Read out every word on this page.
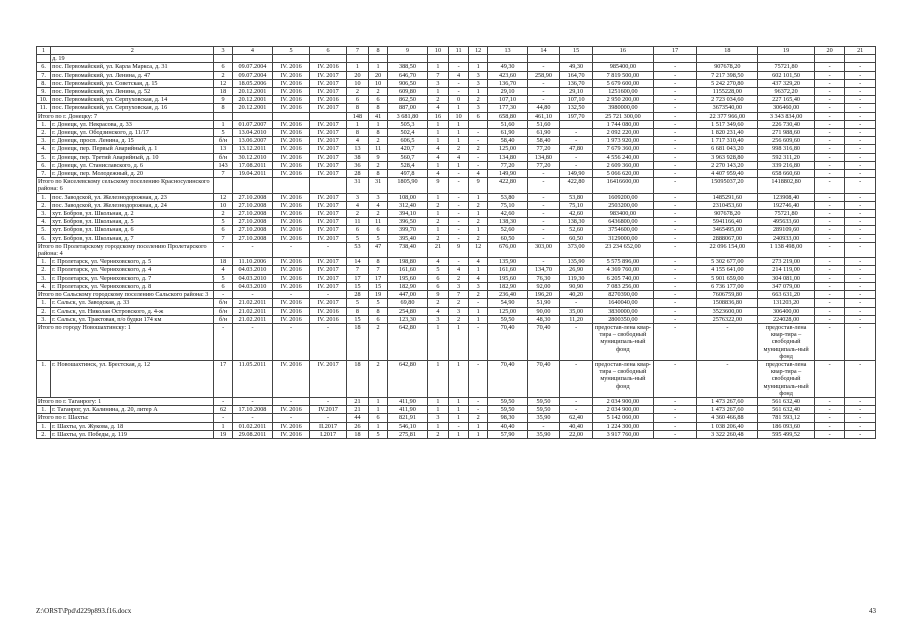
1	2	3	4	5	6	7	8	9	10	11	12	13	14	15	16	17	18	19	20	21
	д. 19																			
6.	пос. Первомайский, ул. Карла Маркса, д. 31	6	09.07.2004	IV. 2016	IV. 2016	1	1	388,50	1	-	1	49,30	-	49,30	985400,00	-	907678,20	75721,80	-	-
7.	пос. Первомайский, ул. Ленина, д. 47	2	09.07.2004	IV. 2016	IV. 2017	20	20	646,70	7	4	3	423,60	258,90	164,70	7 819 500,00	-	7 217 398,50	602 101,50	-	-
8.	пос. Первомайский, ул. Советская, д. 15	12	18.05.2006	IV. 2016	IV. 2017	10	10	906,50	3	-	3	136,70	-	136,70	5 679 600,00	-	5 242 270,80	437 329,20	-	-
9.	пос. Первомайский, ул. Ленина, д. 52	18	20.12.2001	IV. 2016	IV. 2017	2	2	609,80	1	-	1	29,10	-	29,10	1251600,00	-	1155228,00	96372,20	-	-
10.	пос. Первомайский, ул. Серпуховская, д. 14	9	20.12.2001	IV. 2016	IV. 2016	6	6	862,50	2	0	2	107,10	-	107,10	2 950 200,00	-	2 723 034,60	227 165,40	-	-
11.	пос. Первомайский, ул. Серпуховская, д. 16	8	20.12.2001	IV. 2016	IV. 2017	8	8	887,00	4	1	3	177,30	44,80	132,50	3980000,00	-	3673540,00	306460,00	-	-
Итого по г. Донецку: 7						148	41	3 681,80	16	10	6	658,80	461,10	197,70	25 721 300,00	-	22 377 966,00	3 343 834,00	-	-
1.	г. Донецк, ул. Некрасова, д. 33	1	01.07.2007	IV. 2016	IV. 2017	1	1	505,3	1	1		51,60	51,60		1 744 080,00	-	1 517 349,60	226 730,40	-	-
2.	г. Донецк, ул. Ободзинского, д. 11/17	5	13.04.2010	IV. 2016	IV. 2017	8	8	502,4	1	1	-	61,90	61,90	-	2 092 220,00	-	1 820 231,40	271 988,60	-	-
3.	г. Донецк, просп. Ленина, д. 15	б/н	13.06.2007	IV. 2016	IV. 2017	4	2	606,5	1	1	-	58,40	58,40	-	1 973 920,00	-	1 717 310,40	256 609,60	-	-
4.	г. Донецк, пер. Первый Аварийный, д. 1	13	13.12.2011	IV. 2016	IV. 2017	13	11	420,7	4	2	2	125,00	77,20	47,80	7 679 360,00	-	6 681 043,20	998 316,80	-	-
5.	г. Донецк, пер. Третий Аварийный, д. 10	б/н	30.12.2010	IV. 2016	IV. 2017	38	9	560,7	4	4	-	134,80	134,80	-	4 556 240,00	-	3 963 928,80	592 311,20	-	-
6.	г. Донецк, ул. Станиславского, д. 6	143	17.08.2011	IV. 2016	IV. 2017	36	2	528,4	1	1	-	77,20	77,20	-	2 609 360,00	-	2 270 143,20	339 216,80	-	-
7.	г. Донецк, пер. Молодежный, д. 20	7	19.04.2011	IV. 2016	IV. 2017	28	8	497,8	4	-	4	149,90	-	149,90	5 066 620,00	-	4 407 959,40	658 660,60	-	-
Итого по Киселевскому сельскому поселению Красносулинского района: 6						31	31	1805,90	9	-	9	422,80	-	422,80	16416600,00	-	15095037,20	1418802,80	-	-
1.	пос. Заводской, ул. Железнодорожная, д. 23	12	27.10.2008	IV. 2016	IV. 2017	3	3	108,00	1	-	1	53,80	-	53,80	1609200,00	-	1485291,60	123908,40	-	-
2.	пос. Заводской, ул. Железнодорожная, д. 24	10	27.10.2008	IV. 2016	IV. 2017	4	4	312,40	2	-	2	75,10	-	75,10	2503200,00	-	2310453,60	192746,40	-	-
3.	хут. Бобров, ул. Школьная, д. 2	2	27.10.2008	IV. 2016	IV. 2017	2	2	394,10	1	-	1	42,60	-	42,60	983400,00	-	907678,20	75721,80	-	-
4.	хут. Бобров, ул. Школьная, д. 5	5	27.10.2008	IV. 2016	IV. 2017	11	11	396,50	2	-	2	138,30	-	138,30	6436800,00	-	5941166,40	495633,60	-	-
5.	хут. Бобров, ул. Школьная, д. 6	6	27.10.2008	IV. 2016	IV. 2017	6	6	399,70	1	-	1	52,60	-	52,60	3754600,00	-	3465495,00	289109,60	-	-
6.	хут. Бобров, ул. Школьная, д. 7	7	27.10.2008	IV. 2016	IV. 2017	5	5	395,40	2	-	2	60,50	-	60,50	3129000,00	-	2888067,00	240933,00	-	-
Итого по Пролетарскому городскому поселению Пролетарского района: 4		-	-	-	-	53	47	738,40	21	9	12	676,00	303,00	373,00	23 234 652,00	-	22 096 154,00	1 138 498,00	-	-
1.	г. Пролетарск, ул. Черняховского, д. 5	18	11.10.2006	IV. 2016	IV. 2017	14	8	198,80	4	-	4	135,90	-	135,90	5 575 896,00	-	5 302 677,00	273 219,00	-	-
2.	г. Пролетарск, ул. Черняховского, д. 4	4	04.03.2010	IV. 2016	IV. 2017	7	7	161,60	5	4	1	161,60	134,70	26,90	4 369 760,00	-	4 155 641,00	214 119,00	-	-
3.	г. Пролетарск, ул. Черняховского, д. 7	5	04.03.2010	IV. 2016	IV. 2017	17	17	195,60	6	2	4	195,60	76,30	119,30	6 205 740,00	-	5 901 659,00	304 081,00	-	-
4.	г. Пролетарск, ул. Черняховского, д. 8	6	04.03.2010	IV. 2016	IV. 2017	15	15	182,90	6	3	3	182,90	92,00	90,90	7 083 256,00	-	6 736 177,00	347 079,00	-	-
Итого по Сальскому городскому поселению Сальского района: 3		-	-	-	-	28	19	447,00	9	7	2	236,40	196,20	40,20	8270390,00	-	7606759,80	663 631,20	-	-
1.	г. Сальск, ул. Заводская, д. 33	б/н	21.02.2011	IV. 2016	IV. 2017	5	5	69,80	2	2	-	54,90	51,90	-	1640040,00	-	1508836,80	131203,20	-	-
2.	г. Сальск, ул. Николая Островского, д. 4-ж	б/н	21.02.2011	IV. 2016	IV. 2016	8	8	254,80	4	3	1	125,00	90,00	35,00	3830000,00	-	3523600,00	306400,00	-	-
3.	г. Сальск, ул. Трактовая, п/о будки 174 км	б/н	21.02.2011	IV. 2016	IV. 2016	15	6	123,30	3	2	1	59,50	48,30	11,20	2800350,00	-	2576322,00	224028,00	-	-
Итого по городу Новошахтинску: 1		-	-	-	-	18	2	642,80	1	1	-	70,40	70,40	-	предостав-лена квар-тира – свободный муниципаль-ный фонд	-	-	предостав-лена квар-тира – свободный муниципаль-ный фонд	-	-
1.	г. Новошахтинск, ул. Брестская, д. 12	17	11.05.2011	IV. 2016	IV. 2017	18	2	642,80	1	1	-	70,40	70,40	-	предостав-лена квар-тира – свободный муниципаль-ный фонд	-	-	предостав-лена квар-тира – свободный муниципаль-ный фонд	-	-
Итого по г. Таганрогу: 1		-	-	-	-	21	1	411,90	1	1	-	59,50	59,50	-	2 034 900,00	-	1 473 267,60	561 632,40	-	-
1.	г. Таганрог, ул. Калинина, д. 20, литер А	62	17.10.2008	IV. 2016	IV.2017	21	1	411,90	1	1	-	59,50	59,50	-	2 034 900,00	-	1 473 267,60	561 632,40	-	-
Итого по г. Шахты:		-	-	-	-	44	6	821,91	3	1	2	98,30	35,90	62,40	5 142 060,00	-	4 360 466,88	781 593,12	-	-
1.	г. Шахты, ул. Жукова, д. 18	1	01.02.2011	IV. 2016	II.2017	26	1	546,10	1	-	1	40,40	-	40,40	1 224 300,00	-	1 038 206,40	186 093,60	-	-
2.	г. Шахты, ул. Победы, д. 119	19	29.08.2011	IV. 2016	I.2017	18	5	275,81	2	1	1	57,90	35,90	22,00	3 917 760,00	-	3 322 260,48	595 499,52	-	-
Z:\ORST\Ppd\d229p893.f16.docx	43
